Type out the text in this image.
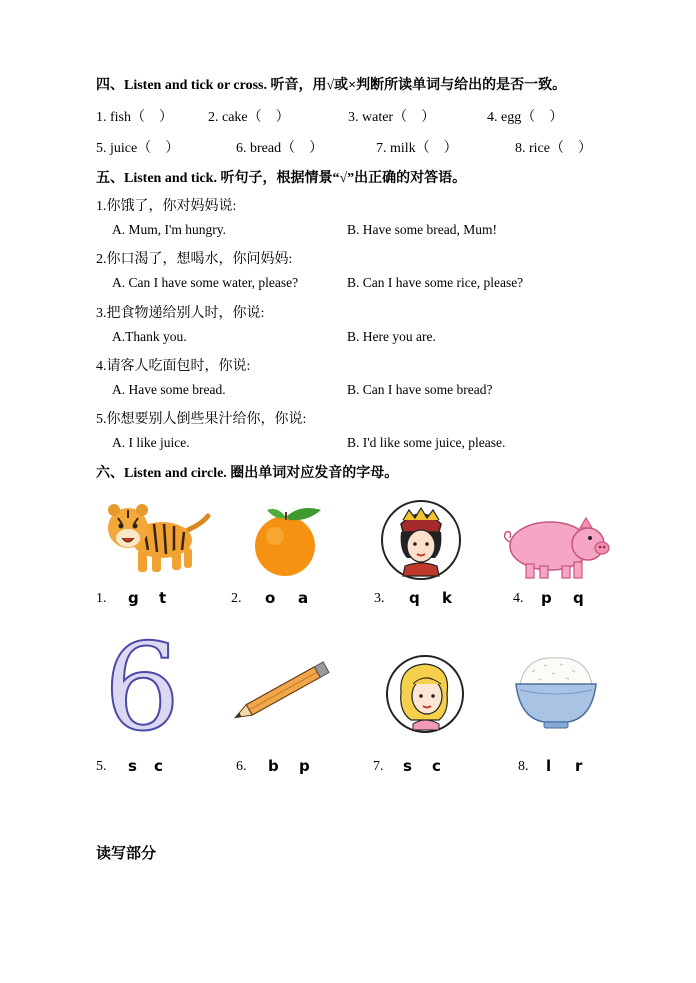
四、Listen and tick or cross. 听音，用√或×判断所读单词与给出的是否一致。
1. fish（　）	2. cake（　）	3. water（　）	4. egg（　）
5. juice（　）	6. bread（　）	7. milk（　）	8. rice（　）
五、Listen and tick. 听句子，根据情景“√”出正确的对答语。
1.你饿了，你对妈妈说:
A. Mum, I'm hungry.	B. Have some bread, Mum!
2.你口渴了，想喝水，你问妈妈:
A. Can I have some water, please?	B. Can I have some rice, please?
3.把食物递给别人时，你说:
A.Thank you.	B. Here you are.
4.请客人吃面包时，你说:
A. Have some bread.	B. Can I have some bread?
5.你想要别人倒些果汁给你，你说:
A. I like juice.	B. I'd like some juice, please.
六、Listen and circle. 圈出单词对应发音的字母。
1. g t	2. o a	3. q k	4. p q
6
5. s c	6. b p	7. s c	8. l r
读写部分
